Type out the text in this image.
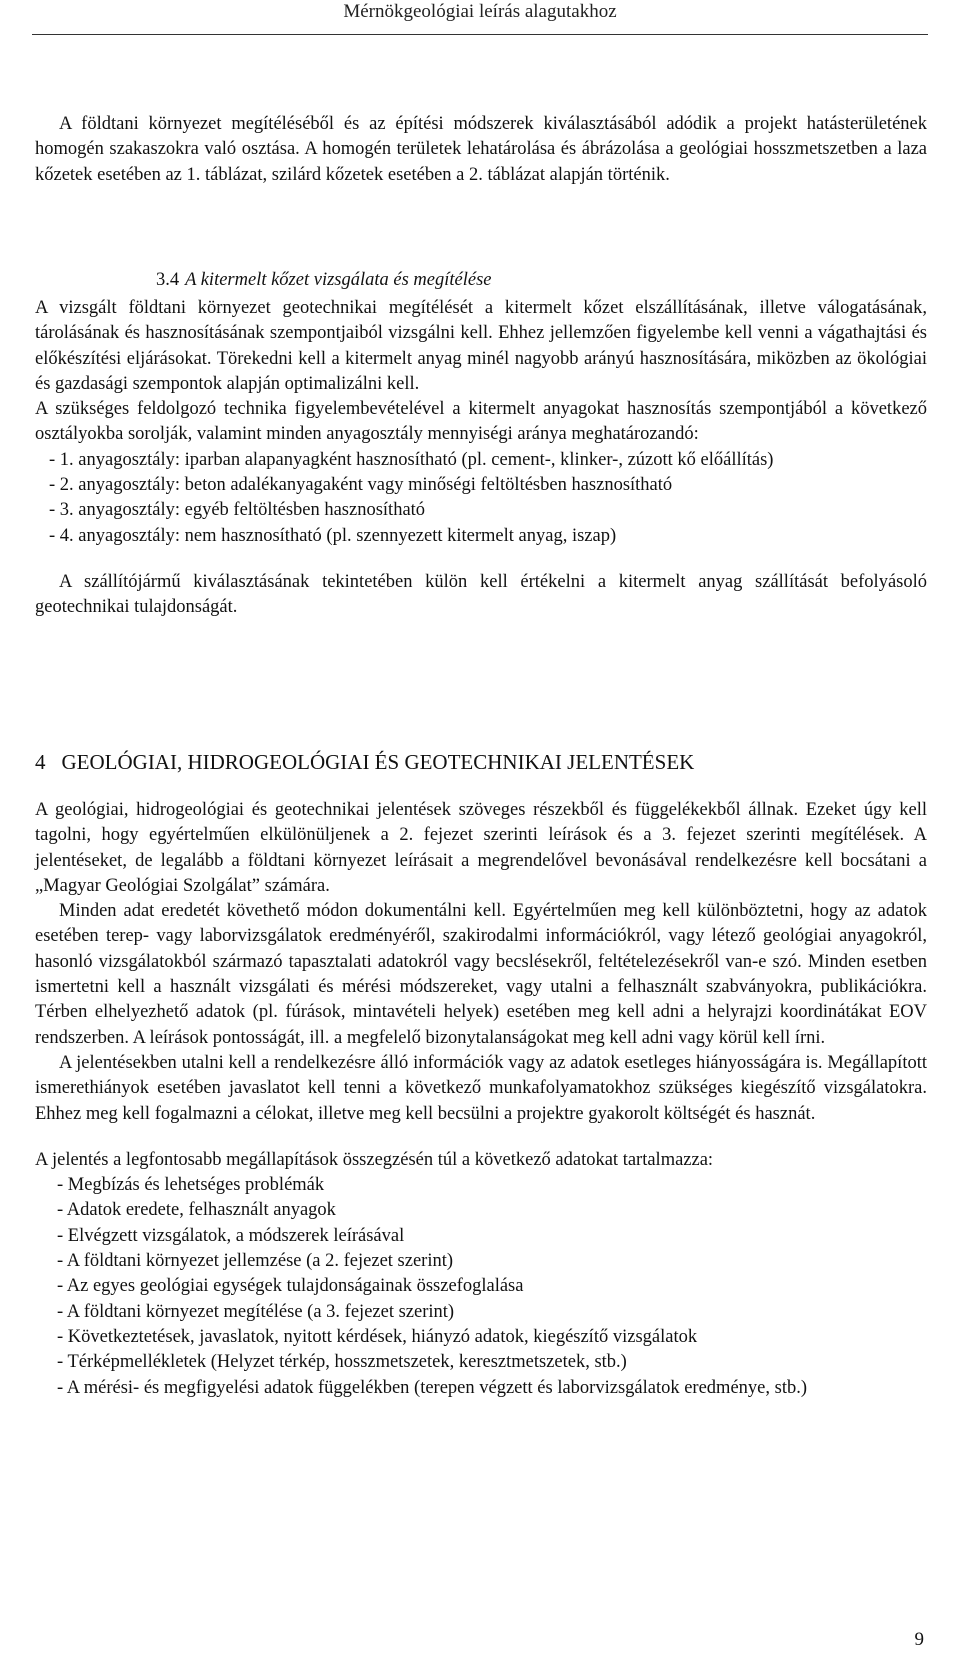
Mérnökgeológiai leírás alagutakhoz

A földtani környezet megítéléséből és az építési módszerek kiválasztásából adódik a projekt hatásterületének homogén szakaszokra való osztása. A homogén területek lehatárolása és ábrázolása a geológiai hosszmetszetben a laza kőzetek esetében az 1. táblázat, szilárd kőzetek esetében a 2. táblázat alapján történik.

3.4 A kitermelt kőzet vizsgálata és megítélése

A vizsgált földtani környezet geotechnikai megítélését a kitermelt kőzet elszállításának, illetve válogatásának, tárolásának és hasznosításának szempontjaiból vizsgálni kell. Ehhez jellemzően figyelembe kell venni a vágathajtási és előkészítési eljárásokat. Törekedni kell a kitermelt anyag minél nagyobb arányú hasznosítására, miközben az ökológiai és gazdasági szempontok alapján optimalizálni kell.

A szükséges feldolgozó technika figyelembevételével a kitermelt anyagokat hasznosítás szempontjából a következő osztályokba sorolják, valamint minden anyagosztály mennyiségi aránya meghatározandó:

- 1. anyagosztály: iparban alapanyagként hasznosítható (pl. cement-, klinker-, zúzott kő előállítás)
- 2. anyagosztály: beton adalékanyagaként vagy minőségi feltöltésben hasznosítható
- 3. anyagosztály: egyéb feltöltésben hasznosítható
- 4. anyagosztály: nem hasznosítható (pl. szennyezett kitermelt anyag, iszap)

A szállítójármű kiválasztásának tekintetében külön kell értékelni a kitermelt anyag szállítását befolyásoló geotechnikai tulajdonságát.

4 GEOLÓGIAI, HIDROGEOLÓGIAI ÉS GEOTECHNIKAI JELENTÉSEK

A geológiai, hidrogeológiai és geotechnikai jelentések szöveges részekből és függelékekből állnak. Ezeket úgy kell tagolni, hogy egyértelműen elkülönüljenek a 2. fejezet szerinti leírások és a 3. fejezet szerinti megítélések. A jelentéseket, de legalább a földtani környezet leírásait a megrendelővel bevonásával rendelkezésre kell bocsátani a „Magyar Geológiai Szolgálat” számára.

Minden adat eredetét követhető módon dokumentálni kell. Egyértelműen meg kell különböztetni, hogy az adatok esetében terep- vagy laborvizsgálatok eredményéről, szakirodalmi információkról, vagy létező geológiai anyagokról, hasonló vizsgálatokból származó tapasztalati adatokról vagy becslésekről, feltételezésekről van-e szó. Minden esetben ismertetni kell a használt vizsgálati és mérési módszereket, vagy utalni a felhasznált szabványokra, publikációkra. Térben elhelyezhető adatok (pl. fúrások, mintavételi helyek) esetében meg kell adni a helyrajzi koordinátákat EOV rendszerben. A leírások pontosságát, ill. a megfelelő bizonytalanságokat meg kell adni vagy körül kell írni.

A jelentésekben utalni kell a rendelkezésre álló információk vagy az adatok esetleges hiányosságára is. Megállapított ismerethiányok esetében javaslatot kell tenni a következő munkafolyamatokhoz szükséges kiegészítő vizsgálatokra. Ehhez meg kell fogalmazni a célokat, illetve meg kell becsülni a projektre gyakorolt költségét és hasznát.

A jelentés a legfontosabb megállapítások összegzésén túl a következő adatokat tartalmazza:

- Megbízás és lehetséges problémák
- Adatok eredete, felhasznált anyagok
- Elvégzett vizsgálatok, a módszerek leírásával
- A földtani környezet jellemzése (a 2. fejezet szerint)
- Az egyes geológiai egységek tulajdonságainak összefoglalása
- A földtani környezet megítélése (a 3. fejezet szerint)
- Következtetések, javaslatok, nyitott kérdések, hiányzó adatok, kiegészítő vizsgálatok
- Térképmellékletek (Helyzet térkép, hosszmetszetek, keresztmetszetek, stb.)
- A mérési- és megfigyelési adatok függelékben (terepen végzett és laborvizsgálatok eredménye, stb.)
9
